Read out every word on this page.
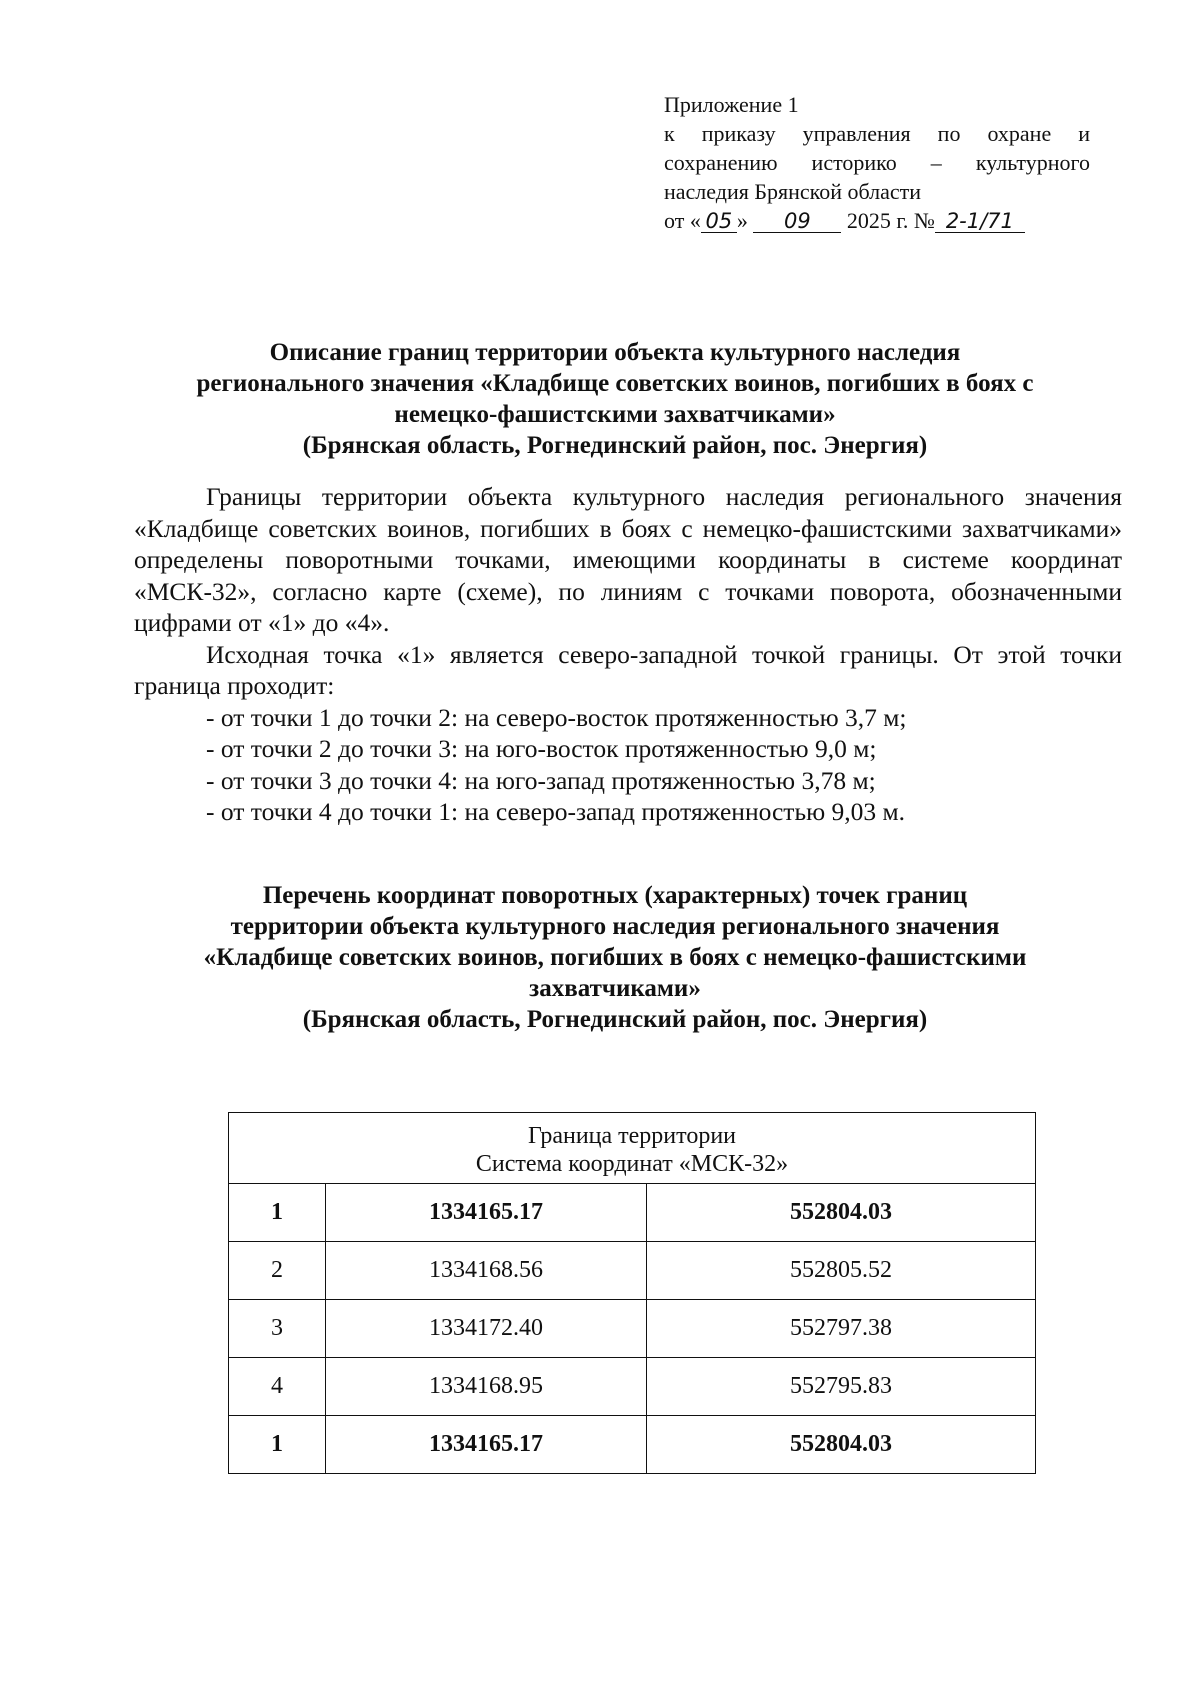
Приложение 1
к приказу управления по охране и
сохранению историко – культурного
наследия Брянской области
от « 05 » 09 2025 г. № 2-1/71
Описание границ территории объекта культурного наследия
регионального значения «Кладбище советских воинов, погибших в боях с
немецко-фашистскими захватчиками»
(Брянская область, Рогнединский район, пос. Энергия)

Границы территории объекта культурного наследия регионального значения «Кладбище советских воинов, погибших в боях с немецко-фашистскими захватчиками» определены поворотными точками, имеющими координаты в системе координат «МСК-32», согласно карте (схеме), по линиям с точками поворота, обозначенными цифрами от «1» до «4».

Исходная точка «1» является северо-западной точкой границы. От этой точки граница проходит:

- от точки 1 до точки 2: на северо-восток протяженностью 3,7 м;
- от точки 2 до точки 3: на юго-восток протяженностью 9,0 м;
- от точки 3 до точки 4: на юго-запад протяженностью 3,78 м;
- от точки 4 до точки 1: на северо-запад протяженностью 9,03 м.
Перечень координат поворотных (характерных) точек границ
территории объекта культурного наследия регионального значения
«Кладбище советских воинов, погибших в боях с немецко-фашистскими
захватчиками»
(Брянская область, Рогнединский район, пос. Энергия)
Граница территории
Система координат «МСК-32»		

1	1334165.17	552804.03
2	1334168.56	552805.52
3	1334172.40	552797.38
4	1334168.95	552795.83
1	1334165.17	552804.03
